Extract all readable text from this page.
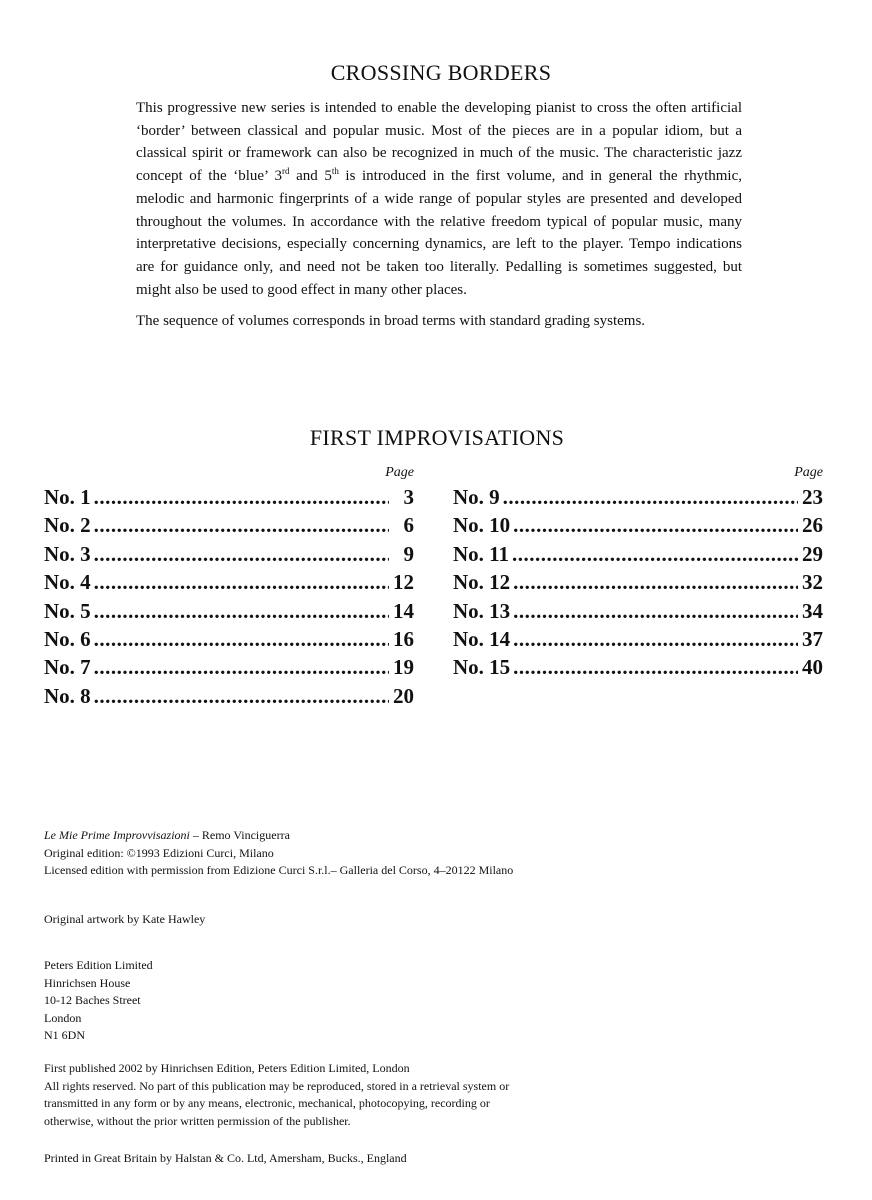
CROSSING BORDERS

This progressive new series is intended to enable the developing pianist to cross the often artificial ‘border’ between classical and popular music. Most of the pieces are in a popular idiom, but a classical spirit or framework can also be recognized in much of the music. The characteristic jazz concept of the ‘blue’ 3rd and 5th is introduced in the first volume, and in general the rhythmic, melodic and harmonic fingerprints of a wide range of popular styles are presented and developed throughout the volumes. In accordance with the relative freedom typical of popular music, many interpretative decisions, especially concerning dynamics, are left to the player. Tempo indications are for guidance only, and need not be taken too literally. Pedalling is sometimes suggested, but might also be used to good effect in many other places.

The sequence of volumes corresponds in broad terms with standard grading systems.

FIRST IMPROVISATIONS
Page
No. 1 .....	3
No. 2 .....	6
No. 3 .....	9
No. 4 .....	12
No. 5 .....	14
No. 6 .....	16
No. 7 .....	19
No. 8 .....	20
Page
No. 9 .....	23
No. 10 .....	26
No. 11 .....	29
No. 12 .....	32
No. 13 .....	34
No. 14 .....	37
No. 15 .....	40
Le Mie Prime Improvvisazioni – Remo Vinciguerra
Original edition: ©1993 Edizioni Curci, Milano
Licensed edition with permission from Edizione Curci S.r.l.– Galleria del Corso, 4–20122 Milano
Original artwork by Kate Hawley
Peters Edition Limited
Hinrichsen House
10-12 Baches Street
London
N1 6DN
First published 2002 by Hinrichsen Edition, Peters Edition Limited, London
All rights reserved. No part of this publication may be reproduced, stored in a retrieval system or
transmitted in any form or by any means, electronic, mechanical, photocopying, recording or
otherwise, without the prior written permission of the publisher.
Printed in Great Britain by Halstan & Co. Ltd, Amersham, Bucks., England
